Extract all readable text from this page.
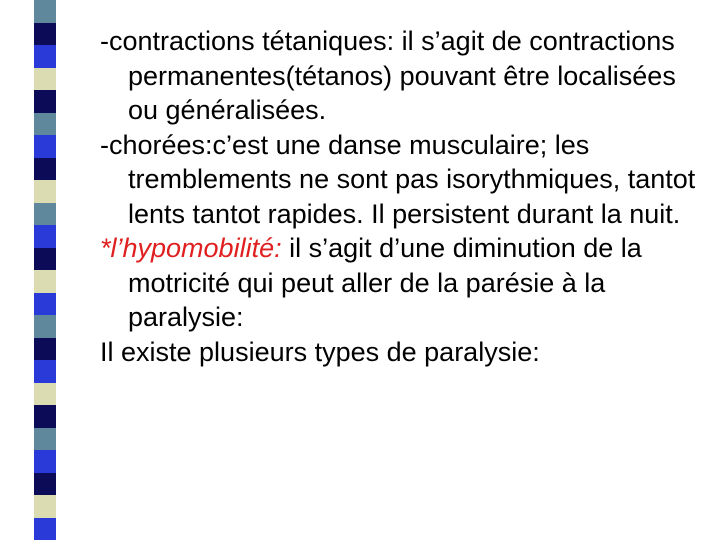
-contractions tétaniques: il s’agit de contractions permanentes(tétanos) pouvant être localisées ou généralisées.

-chorées:c’est une danse musculaire; les tremblements ne sont pas isorythmiques, tantot lents tantot rapides. Il persistent durant la nuit.

*l’hypomobilité: il s’agit d’une diminution de la motricité qui peut aller de la parésie à la paralysie:

Il existe plusieurs types de paralysie:
